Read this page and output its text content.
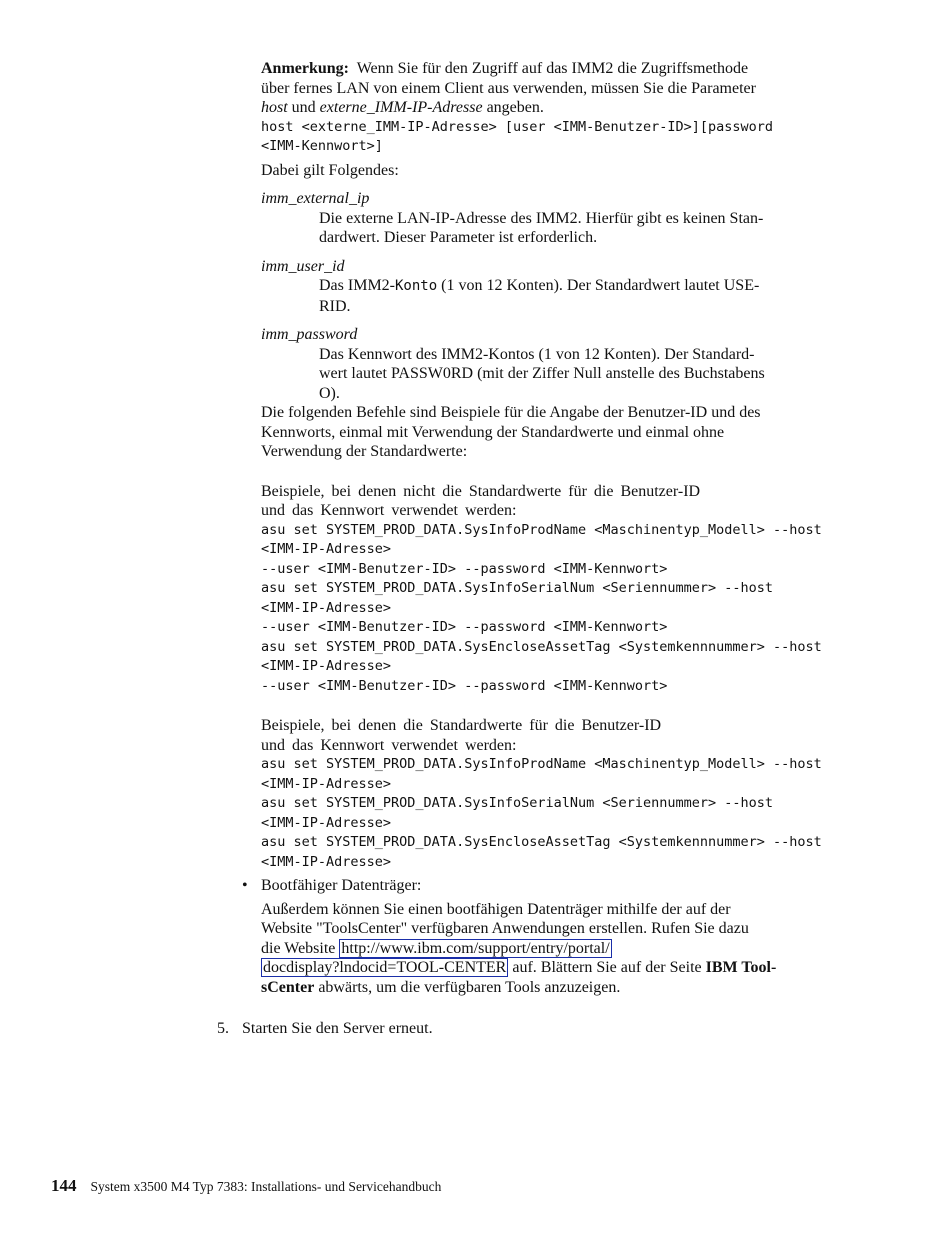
Anmerkung: Wenn Sie für den Zugriff auf das IMM2 die Zugriffsmethode

über fernes LAN von einem Client aus verwenden, müssen Sie die Parameter

host und externe_IMM-IP-Adresse angeben.

host <externe_IMM-IP-Adresse> [user <IMM-Benutzer-ID>][password

<IMM-Kennwort>]

Dabei gilt Folgendes:

imm_external_ip

Die externe LAN-IP-Adresse des IMM2. Hierfür gibt es keinen Stan-

dardwert. Dieser Parameter ist erforderlich.

imm_user_id

Das IMM2-Konto (1 von 12 Konten). Der Standardwert lautet USE-

RID.

imm_password

Das Kennwort des IMM2-Kontos (1 von 12 Konten). Der Standard-

wert lautet PASSW0RD (mit der Ziffer Null anstelle des Buchstabens

O).

Die folgenden Befehle sind Beispiele für die Angabe der Benutzer-ID und des

Kennworts, einmal mit Verwendung der Standardwerte und einmal ohne

Verwendung der Standardwerte:

Beispiele, bei denen nicht die Standardwerte für die Benutzer-ID

und das Kennwort verwendet werden:

asu set SYSTEM_PROD_DATA.SysInfoProdName <Maschinentyp_Modell> --host

<IMM-IP-Adresse>

--user <IMM-Benutzer-ID> --password <IMM-Kennwort>

asu set SYSTEM_PROD_DATA.SysInfoSerialNum <Seriennummer> --host

<IMM-IP-Adresse>

--user <IMM-Benutzer-ID> --password <IMM-Kennwort>

asu set SYSTEM_PROD_DATA.SysEncloseAssetTag <Systemkennnummer> --host

<IMM-IP-Adresse>

--user <IMM-Benutzer-ID> --password <IMM-Kennwort>

Beispiele, bei denen die Standardwerte für die Benutzer-ID

und das Kennwort verwendet werden:

asu set SYSTEM_PROD_DATA.SysInfoProdName <Maschinentyp_Modell> --host

<IMM-IP-Adresse>

asu set SYSTEM_PROD_DATA.SysInfoSerialNum <Seriennummer> --host

<IMM-IP-Adresse>

asu set SYSTEM_PROD_DATA.SysEncloseAssetTag <Systemkennnummer> --host

<IMM-IP-Adresse>

• Bootfähiger Datenträger:

Außerdem können Sie einen bootfähigen Datenträger mithilfe der auf der

Website "ToolsCenter" verfügbaren Anwendungen erstellen. Rufen Sie dazu

die Website http://www.ibm.com/support/entry/portal/

docdisplay?lndocid=TOOL-CENTER auf. Blättern Sie auf der Seite IBM Tool-

sCenter abwärts, um die verfügbaren Tools anzuzeigen.

5. Starten Sie den Server erneut.
144 System x3500 M4 Typ 7383: Installations- und Servicehandbuch
